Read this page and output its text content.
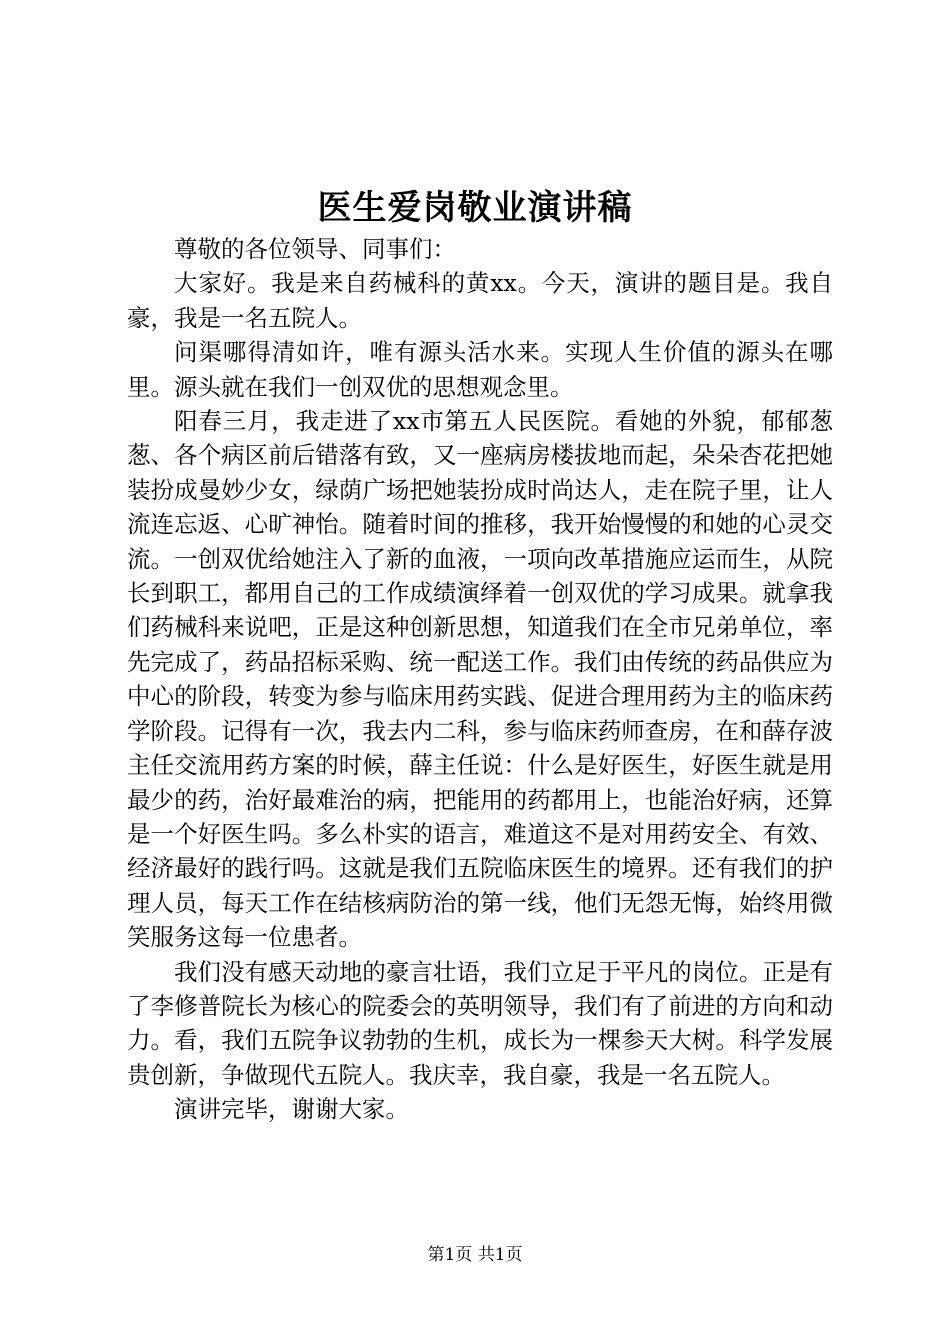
医生爱岗敬业演讲稿

尊敬的各位领导、同事们：

大家好。我是来自药械科的黄xx。今天，演讲的题目是。我自豪，我是一名五院人。

问渠哪得清如许，唯有源头活水来。实现人生价值的源头在哪里。源头就在我们一创双优的思想观念里。

阳春三月，我走进了xx市第五人民医院。看她的外貌，郁郁葱葱、各个病区前后错落有致，又一座病房楼拔地而起，朵朵杏花把她装扮成曼妙少女，绿荫广场把她装扮成时尚达人，走在院子里，让人流连忘返、心旷神怡。随着时间的推移，我开始慢慢的和她的心灵交流。一创双优给她注入了新的血液，一项向改革措施应运而生，从院长到职工，都用自己的工作成绩演绎着一创双优的学习成果。就拿我们药械科来说吧，正是这种创新思想，知道我们在全市兄弟单位，率先完成了，药品招标采购、统一配送工作。我们由传统的药品供应为中心的阶段，转变为参与临床用药实践、促进合理用药为主的临床药学阶段。记得有一次，我去内二科，参与临床药师查房，在和薛存波主任交流用药方案的时候，薛主任说：什么是好医生，好医生就是用最少的药，治好最难治的病，把能用的药都用上，也能治好病，还算是一个好医生吗。多么朴实的语言，难道这不是对用药安全、有效、经济最好的践行吗。这就是我们五院临床医生的境界。还有我们的护理人员，每天工作在结核病防治的第一线，他们无怨无悔，始终用微笑服务这每一位患者。

我们没有感天动地的豪言壮语，我们立足于平凡的岗位。正是有了李修普院长为核心的院委会的英明领导，我们有了前进的方向和动力。看，我们五院争议勃勃的生机，成长为一棵参天大树。科学发展贵创新，争做现代五院人。我庆幸，我自豪，我是一名五院人。

演讲完毕，谢谢大家。

第1页 共1页
